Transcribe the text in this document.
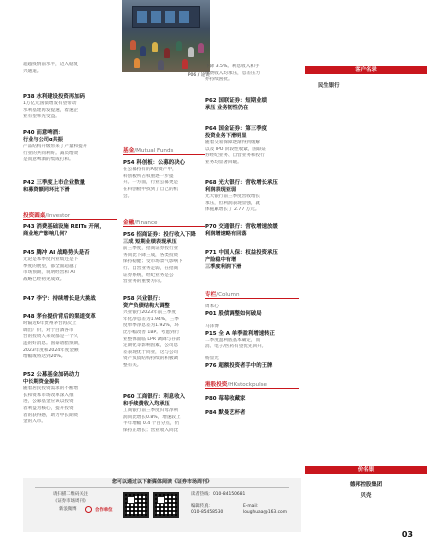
超越疫情前水平，迈入稳复
兴通道。
P38 水利建设投资再加码
1万亿元国债增发有望带动
水利基建再发提速，着速企
业有望率先受益。
P40 而意啤酒：
行业与公司α共振
产品结构升级带来了产量和提升
行业的共同利好。减员增效
是而意啤酒的集成打和。
P42 三季度上市企业数量
和募资额同环比下滑
投资圆桌/Investor
P43 消费基础设施 REITs 开闸，
商业地产影响几何？
P45 腾冲 AI 战略势头是否
无论是本季度内业绩还是下
季度的展望，都全面超越了
市场预期，说明经营和 AI
战略已经初见成效。
P47 李宁：持续增长是大挑战
P48 茅台提价背后的渠道变革
时隔近6年贵州茅台再次上
调出厂价，对于白酒各市
台的投资人来说都是一个久
违的好消息。国泰谱腊预期，
2023年度和2024年度金额
增幅或将达到20%。
P52 公募基金加码动力
中长期资金提供
随着居民投资需求的不断增
长和资本市场改革深入推
进，公募基金应该以投资
者利益为核心，提升投资
者的获得感，助力中长期资
金的入市。
P06 / 途说
基金/Mutual Funds
P54 科创板：公募的决心
在公募持有的A股资产中，
科创板所占权重逐一步提
升。一方面，行业公募更是
在科创板中找到了自己的机
会。
金融/Finance
P56 招商证券：投行收入下降
三成 短期业绩表现承压
前三季度，招商证券投行业
务同比下降三成，各类投资
保持稳健；受市场景气影响下
行、自营业务走弱，在招商
证券系统，经纪业务是公
营业务的重要方向。
P58 兴业银行：
资产负债结构大调整
兴业银行2023年前三季度
年化净息差为1.94%，三季
度单季净息差为1.92%，环
比小幅改善 1BP。考虑到行
业整体面临 LPR 调降与存款
定期化等影响因素，公司息
差表现优于同业，这与公司
资产负债结构持续的积极调
整有关。
P60 工商银行：利息收入
和手续费收入均承压
工商银行前三季度归母净利
润同比增长0.8%，增速较上
半年增幅 0.4 个百分点，仍
保持正增长；营业收入同比
下降 3.5%。利息收入和手
续费收入均承压，息差压力
亦持续困扰。
P62 国联证券：短期业绩
承压 业务韧性仍在
P64 国金证券：第三季度
投资业务下滑明显
随着交易保障逐渐得到缓解
以及 IPO 阶段性收紧，国联证
券经纪业务、自营业务和投行
业务均显著回暖。
P68 光大银行：营收增长承压
利润表现亚弱
光大银行前三季度营收增长
承压，但利润表现显强，就
体拖累增长了 2.77 万元。
P70 交通银行：营收增速放缓
利润增速略有回落
P71 中国人保：权益投资承压
产险稳中有增
三季度利润下滑
专栏/Column
周本心
P01 股债调整如何破局
马泽博
P15 全 A 单季盈利增速转正
二季度盈利底基本确定，而
消、电子/医药有望优先回升。
杨显光
P76 超额投资者手中的王牌
港股投资/HKstockpulse
P80 莓莓收藏家
P84 默曼艺杯者
客户名录
民生银行
价名银
德邦控股集团
贝壳
您可以通过以下新媒体阅读《证券市场周刊》
请扫描二维码关注
《证券市场周刊》
新浪微博	合作单位
读者热线：010-84150681
编辑传真：
010-85458530
E-mail：
loughuaa@163.com
03
